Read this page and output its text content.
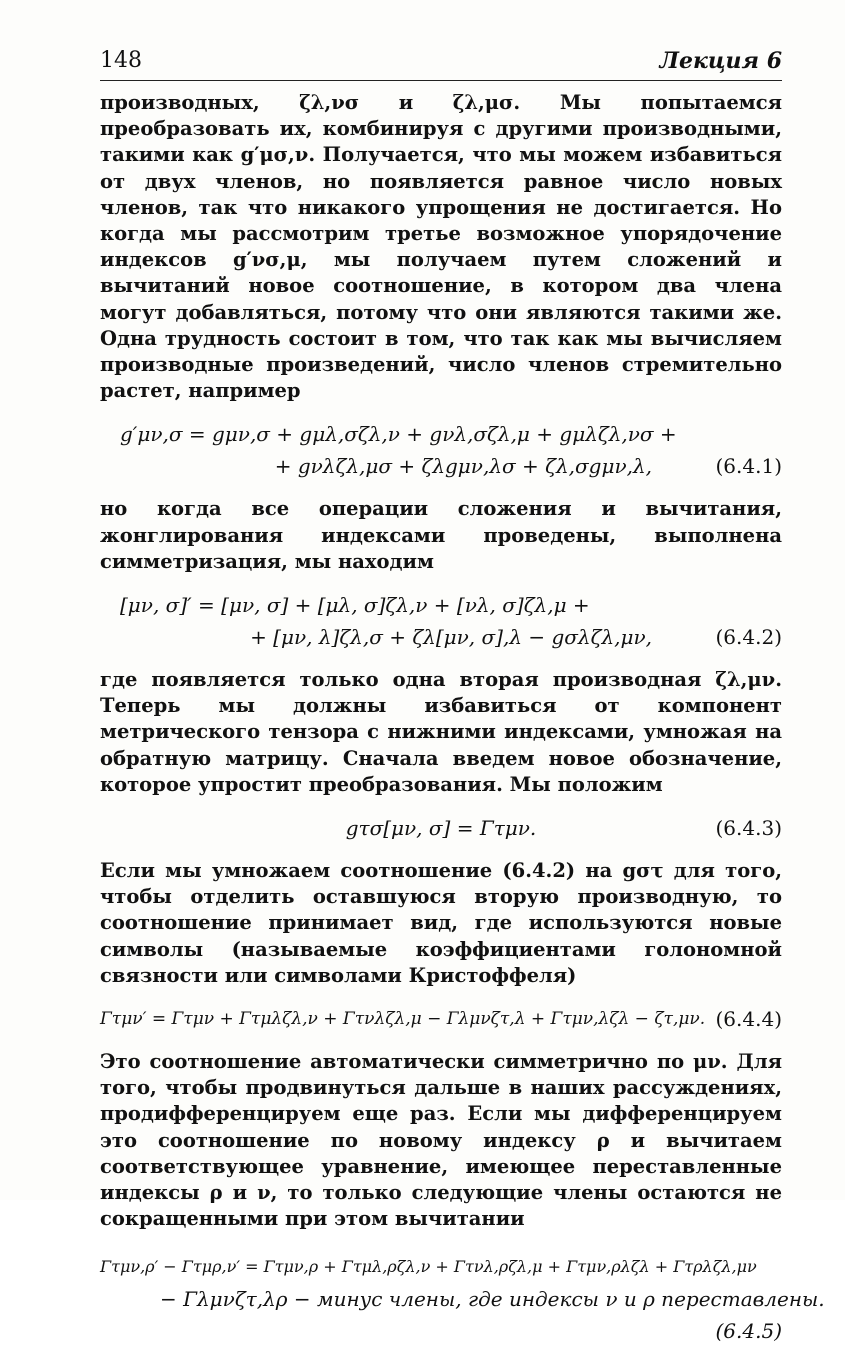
148	Лекция 6

производных, ζλ,νσ и ζλ,μσ. Мы попытаемся преобразовать их, комбинируя с другими производными, такими как g′μσ,ν. Получается, что мы можем избавиться от двух членов, но появляется равное число новых членов, так что никакого упрощения не достигается. Но когда мы рассмотрим третье возможное упорядочение индексов g′νσ,μ, мы получаем путем сложений и вычитаний новое соотношение, в котором два члена могут добавляться, потому что они являются такими же. Одна трудность состоит в том, что так как мы вычисляем производные произведений, число членов стремительно растет, например

g′μν,σ = gμν,σ + gμλ,σζλ,ν + gνλ,σζλ,μ + gμλζλ,νσ +
+ gνλζλ,μσ + ζλgμν,λσ + ζλ,σgμν,λ,	(6.4.1)

но когда все операции сложения и вычитания, жонглирования индексами проведены, выполнена симметризация, мы находим

[μν, σ]′ = [μν, σ] + [μλ, σ]ζλ,ν + [νλ, σ]ζλ,μ +
+ [μν, λ]ζλ,σ + ζλ[μν, σ],λ − gσλζλ,μν,	(6.4.2)

где появляется только одна вторая производная ζλ,μν. Теперь мы должны избавиться от компонент метрического тензора с нижними индексами, умножая на обратную матрицу. Сначала введем новое обозначение, которое упростит преобразования. Мы положим

gτσ[μν, σ] = Γτμν.	(6.4.3)

Если мы умножаем соотношение (6.4.2) на gστ для того, чтобы отделить оставшуюся вторую производную, то соотношение принимает вид, где используются новые символы (называемые коэффициентами голономной связности или символами Кристоффеля)

Γτμν′ = Γτμν + Γτμλζλ,ν + Γτνλζλ,μ − Γλμνζτ,λ + Γτμν,λζλ − ζτ,μν. (6.4.4)

Это соотношение автоматически симметрично по μν. Для того, чтобы продвинуться дальше в наших рассуждениях, продифференцируем еще раз. Если мы дифференцируем это соотношение по новому индексу ρ и вычитаем соответствующее уравнение, имеющее переставленные индексы ρ и ν, то только следующие члены остаются не сокращенными при этом вычитании

Γτμν,ρ′ − Γτμρ,ν′ = Γτμν,ρ + Γτμλ,ρζλ,ν + Γτνλ,ρζλ,μ + Γτμν,ρλζλ + Γτρλζλ,μν
− Γλμνζτ,λρ − минус члены, где индексы ν и ρ переставлены.
(6.4.5)
